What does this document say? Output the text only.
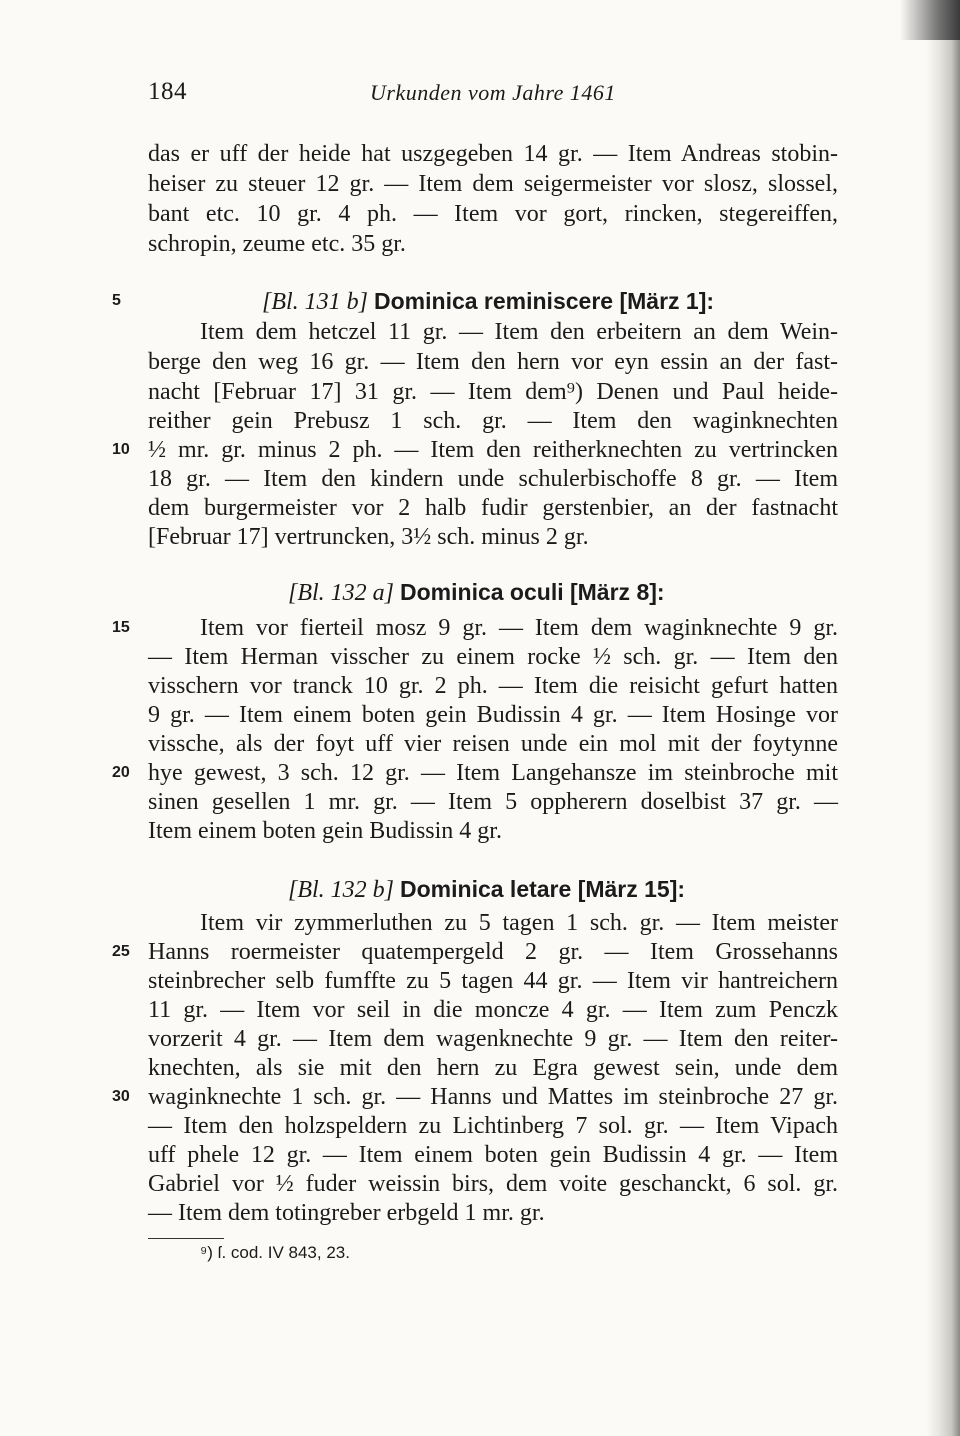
184	Urkunden vom Jahre 1461
das er uff der heide hat uszgegeben 14 gr. — Item Andreas stobin-
heiser zu steuer 12 gr. — Item dem seigermeister vor slosz, slossel,
bant etc. 10 gr. 4 ph. — Item vor gort, rincken, stegereiffen,
schropin, zeume etc. 35 gr.
[Bl. 131 b] Dominica reminiscere [März 1]:
5
Item dem hetczel 11 gr. — Item den erbeitern an dem Wein-
berge den weg 16 gr. — Item den hern vor eyn essin an der fast-
nacht [Februar 17] 31 gr. — Item dem⁹) Denen und Paul heide-
reither gein Prebusz 1 sch. gr. — Item den waginknechten
½ mr. gr. minus 2 ph. — Item den reitherknechten zu vertrincken
10
18 gr. — Item den kindern unde schulerbischoffe 8 gr. — Item
dem burgermeister vor 2 halb fudir gerstenbier, an der fastnacht
[Februar 17] vertruncken, 3½ sch. minus 2 gr.
[Bl. 132 a] Dominica oculi [März 8]:
Item vor fierteil mosz 9 gr. — Item dem waginknechte 9 gr.
15
— Item Herman visscher zu einem rocke ½ sch. gr. — Item den
visschern vor tranck 10 gr. 2 ph. — Item die reisicht gefurt hatten
9 gr. — Item einem boten gein Budissin 4 gr. — Item Hosinge vor
vissche, als der foyt uff vier reisen unde ein mol mit der foytynne
hye gewest, 3 sch. 12 gr. — Item Langehansze im steinbroche mit
20
sinen gesellen 1 mr. gr. — Item 5 oppherern doselbist 37 gr. —
Item einem boten gein Budissin 4 gr.
[Bl. 132 b] Dominica letare [März 15]:
Item vir zymmerluthen zu 5 tagen 1 sch. gr. — Item meister
Hanns roermeister quatempergeld 2 gr. — Item Grossehanns
25
steinbrecher selb fumffte zu 5 tagen 44 gr. — Item vir hantreichern
11 gr. — Item vor seil in die moncze 4 gr. — Item zum Penczk
vorzerit 4 gr. — Item dem wagenknechte 9 gr. — Item den reiter-
knechten, als sie mit den hern zu Egra gewest sein, unde dem
waginknechte 1 sch. gr. — Hanns und Mattes im steinbroche 27 gr.
30
— Item den holzspeldern zu Lichtinberg 7 sol. gr. — Item Vipach
uff phele 12 gr. — Item einem boten gein Budissin 4 gr. — Item
Gabriel vor ½ fuder weissin birs, dem voite geschanckt, 6 sol. gr.
— Item dem totingreber erbgeld 1 mr. gr.
⁹) ſ. cod. IV 843, 23.
